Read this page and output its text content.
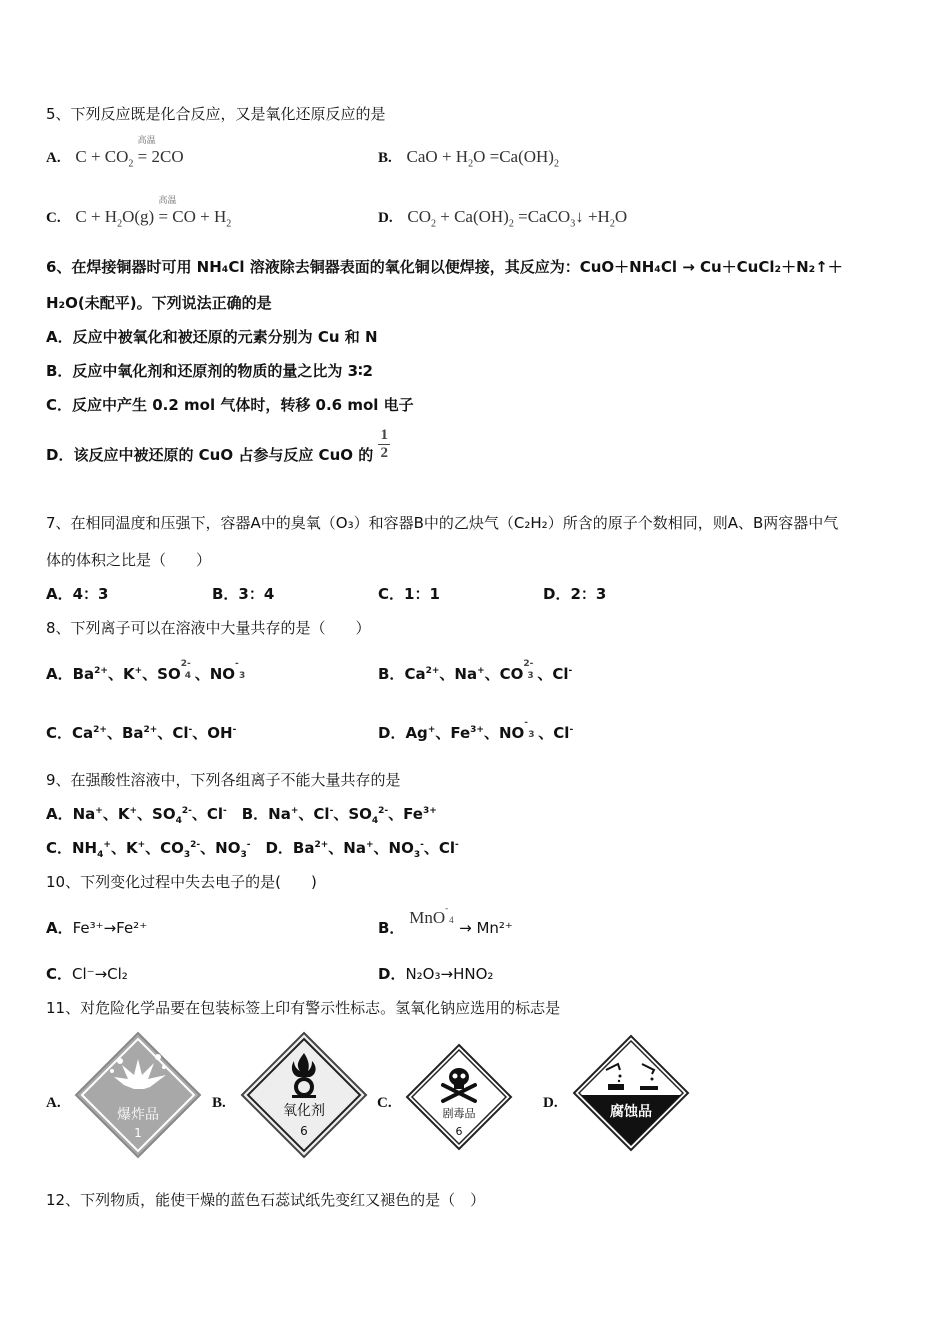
5、下列反应既是化合反应，又是氧化还原反应的是
A. $C + CO_2$
高温
= 2CO	B. CaO + $H_2O =Ca(OH)_2$
C. $C + H_2O(g)$
高温
= CO + $H_2$	D. $CO_2 + Ca(OH)_2$ =CaCO$_3$↓ $+H_2O$
6、在焊接铜器时可用 NH₄Cl 溶液除去铜器表面的氧化铜以便焊接，其反应为：CuO＋NH₄Cl → Cu＋CuCl₂＋N₂↑＋
H₂O(未配平)。下列说法正确的是
A．反应中被氧化和被还原的元素分别为 Cu 和 N
B．反应中氧化剂和还原剂的物质的量之比为 3∶2
C．反应中产生 0.2 mol 气体时，转移 0.6 mol 电子
D．该反应中被还原的 CuO 占参与反应 CuO 的 $\frac{1}{2}$
7、在相同温度和压强下，容器A中的臭氧（O₃）和容器B中的乙炔气（C₂H₂）所含的原子个数相同，则A、B两容器中气
体的体积之比是（　　）
A．4：3	B．3：4	C．1：1	D．2：3
8、下列离子可以在溶液中大量共存的是（　　）
A．$Ba^{2+}$、K+、SO
2-
4 、NO
-
3	B．$Ca^{2+}$、Na+、CO
2-
3 、Cl-
C．$Ca^{2+}$、$Ba^{2+}$、Cl-、OH-	D．Ag+、$Fe^{3+}$、NO
-
3 、Cl-
9、在强酸性溶液中，下列各组离子不能大量共存的是
A．Na+、K+、$SO_4^{2-}$、Cl-　B．Na+、Cl-、$SO_4^{2-}$、$Fe^{3+}$
C．$NH_4^+$、K+、$CO_3^{2-}$、$NO_3^-$　D．$Ba^{2+}$、Na+、$NO_3^-$、Cl-
10、下列变化过程中失去电子的是(　　)
A．Fe³⁺→Fe²⁺	B． MnO -
4 → Mn²⁺
C．Cl⁻→Cl₂	D．N₂O₃→HNO₂
11、对危险化学品要在包装标签上印有警示性标志。氢氧化钠应选用的标志是
A.
爆炸品
1
B.	氧化剂
6
C.
剧毒品
6
D.
腐蚀品
12、下列物质，能使干燥的蓝色石蕊试纸先变红又褪色的是（　）
